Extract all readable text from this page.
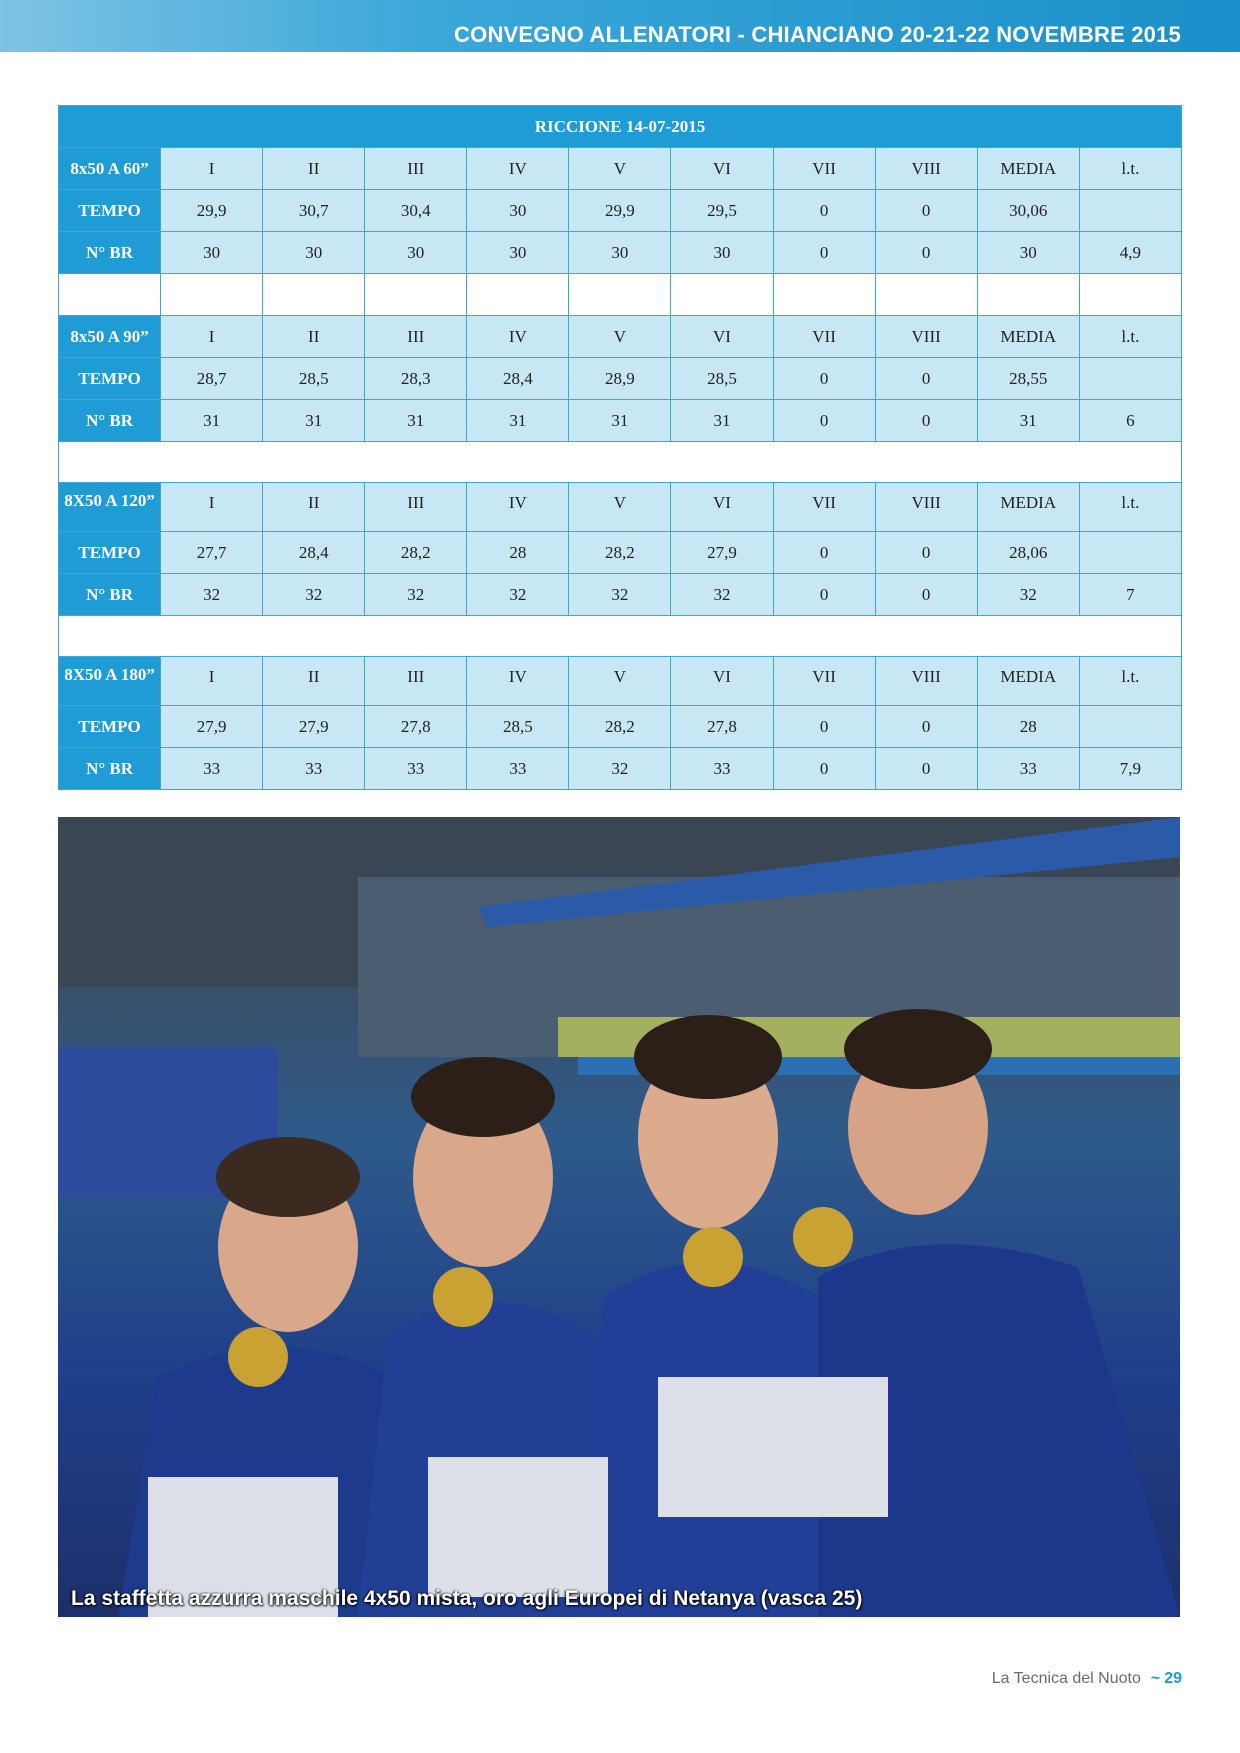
CONVEGNO ALLENATORI - CHIANCIANO 20-21-22 NOVEMBRE 2015
RICCIONE 14-07-2015										
8x50 A 60”	I	II	III	IV	V	VI	VII	VIII	MEDIA	l.t.
TEMPO	29,9	30,7	30,4	30	29,9	29,5	0	0	30,06	
N° BR	30	30	30	30	30	30	0	0	30	4,9

8x50 A 90”	I	II	III	IV	V	VI	VII	VIII	MEDIA	l.t.
TEMPO	28,7	28,5	28,3	28,4	28,9	28,5	0	0	28,55	
N° BR	31	31	31	31	31	31	0	0	31	6

8X50 A 120”	I	II	III	IV	V	VI	VII	VIII	MEDIA	l.t.
TEMPO	27,7	28,4	28,2	28	28,2	27,9	0	0	28,06	
N° BR	32	32	32	32	32	32	0	0	32	7

8X50 A 180”	I	II	III	IV	V	VI	VII	VIII	MEDIA	l.t.
TEMPO	27,9	27,9	27,8	28,5	28,2	27,8	0	0	28	
N° BR	33	33	33	33	32	33	0	0	33	7,9
La staffetta azzurra maschile 4x50 mista, oro agli Europei di Netanya (vasca 25)
La Tecnica del Nuoto ~ 29
